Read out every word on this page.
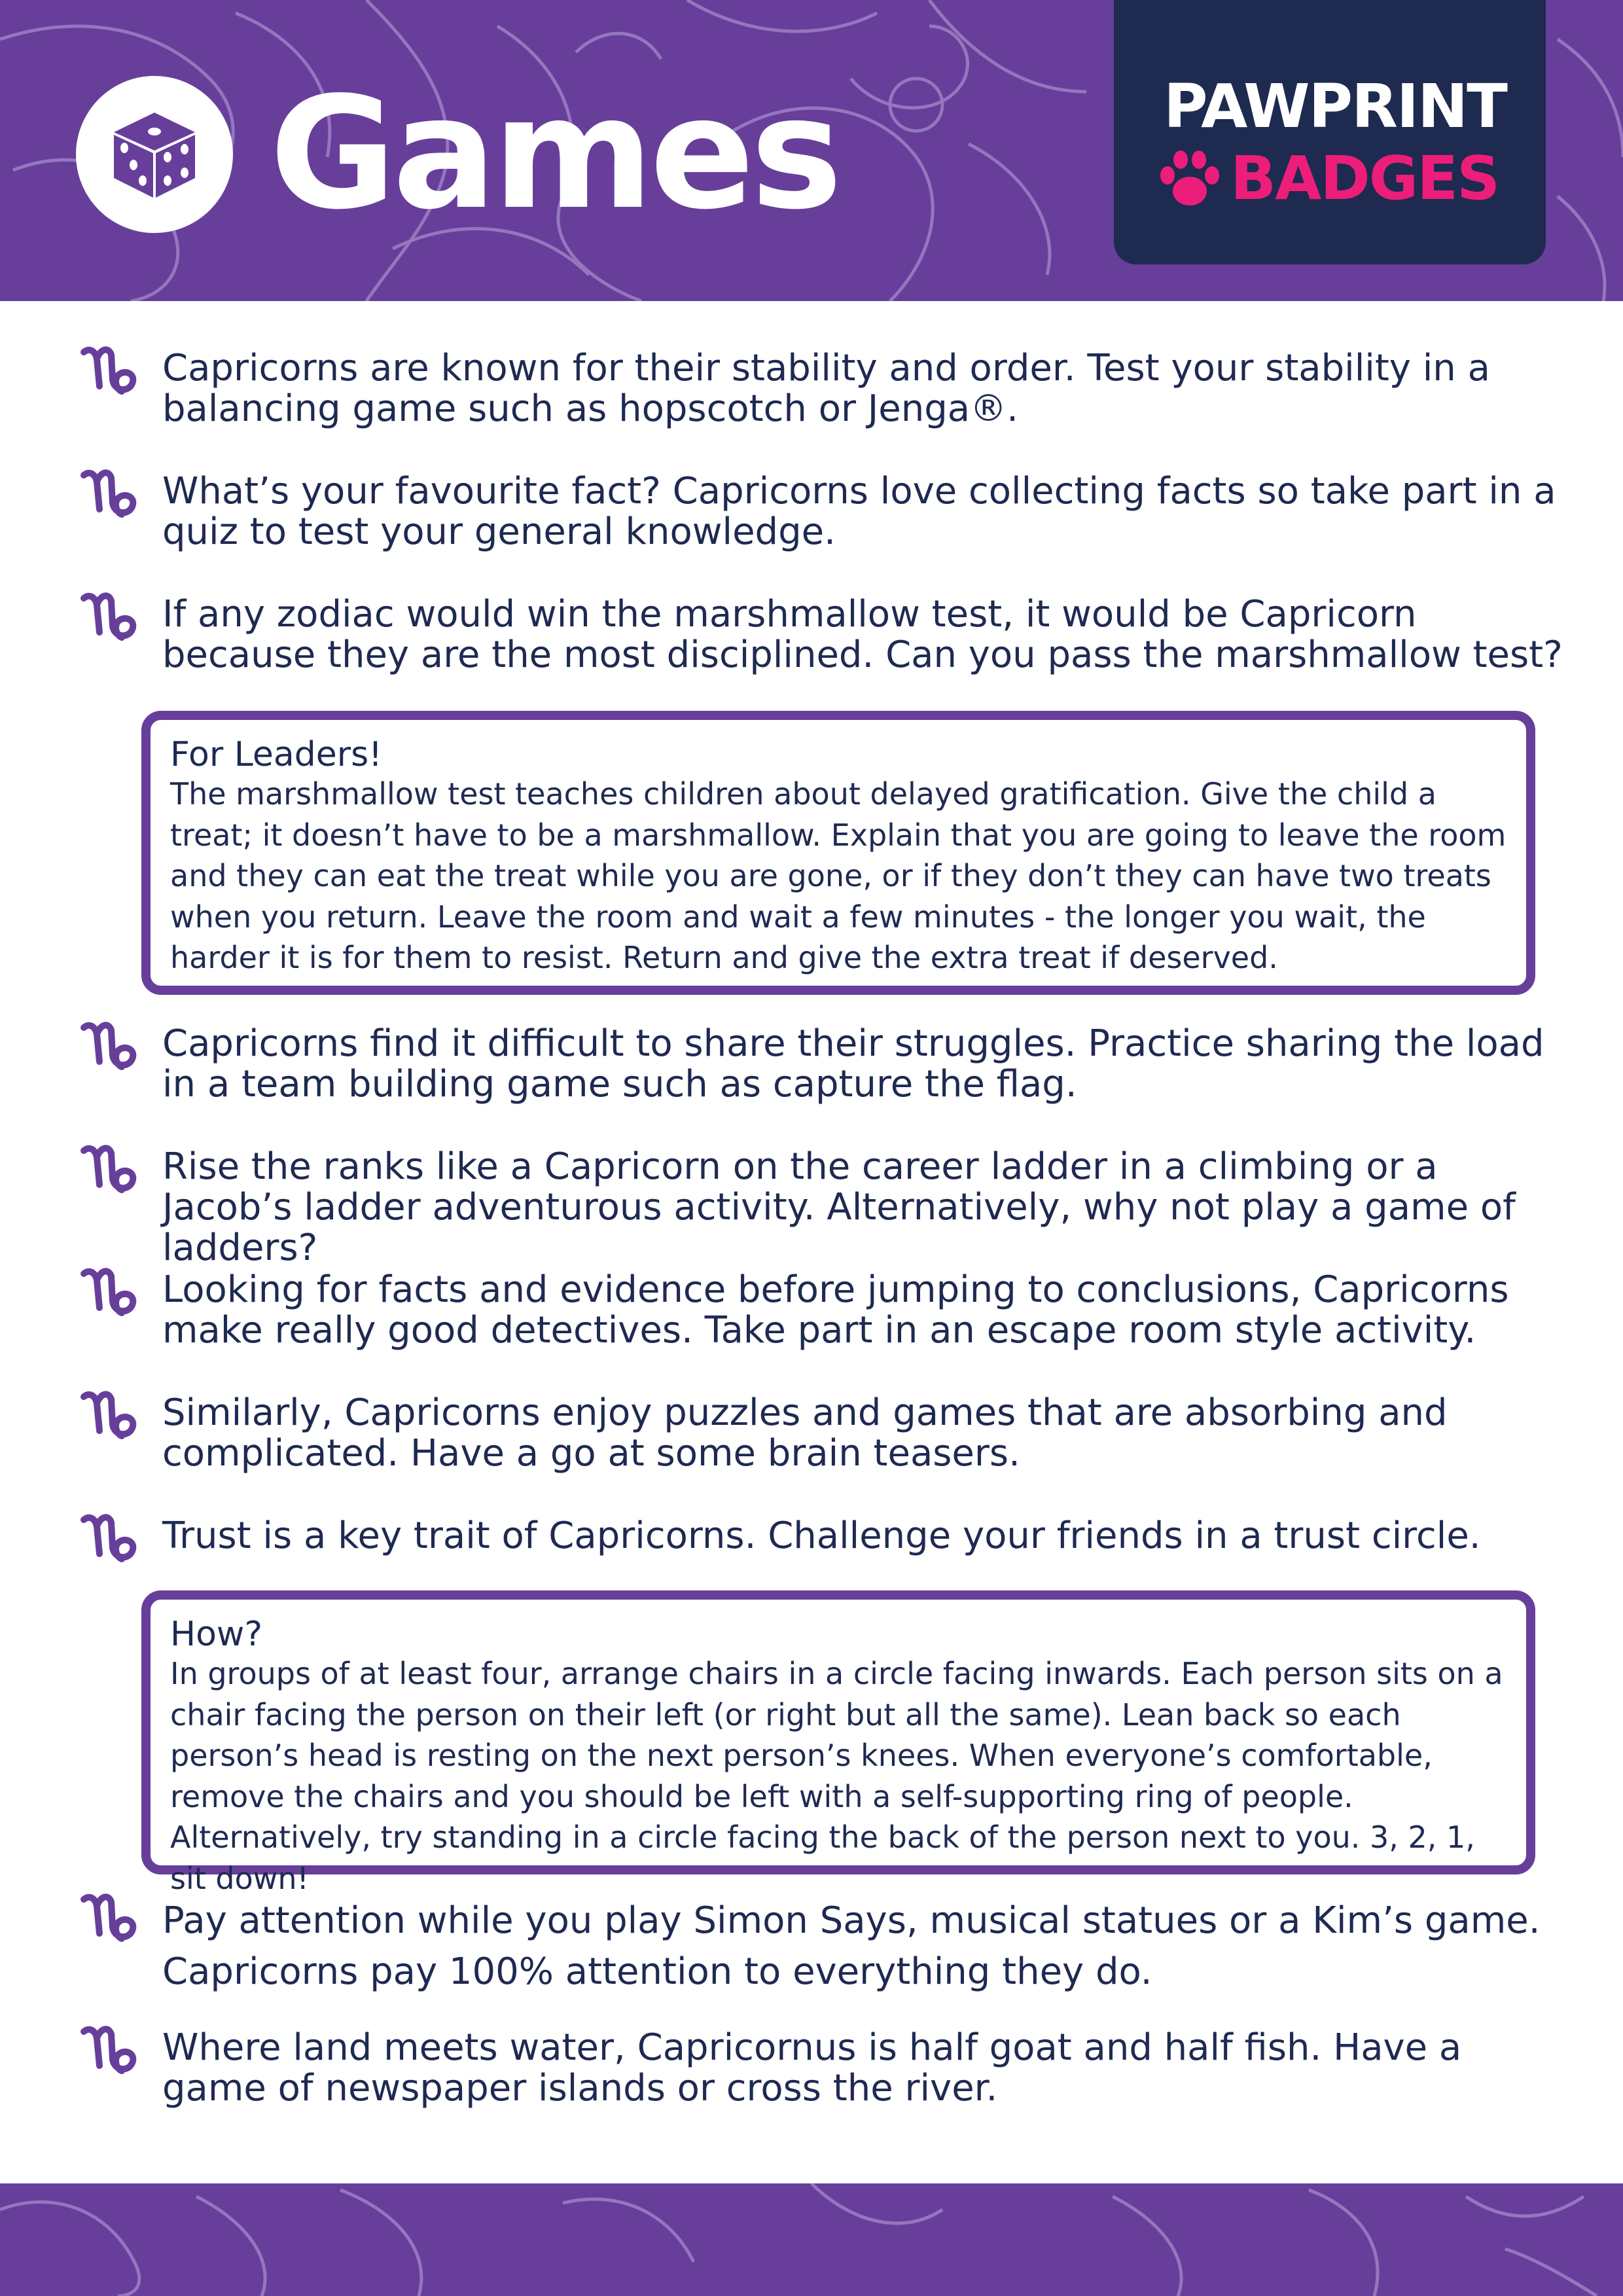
Games	PAWPRINT
BADGES
Capricorns are known for their stability and order. Test your stability in a balancing game such as hopscotch or Jenga®.
What’s your favourite fact? Capricorns love collecting facts so take part in a quiz to test your general knowledge.
If any zodiac would win the marshmallow test, it would be Capricorn because they are the most disciplined. Can you pass the marshmallow test?
For Leaders!
The marshmallow test teaches children about delayed gratification. Give the child a treat; it doesn’t have to be a marshmallow. Explain that you are going to leave the room and they can eat the treat while you are gone, or if they don’t they can have two treats when you return. Leave the room and wait a few minutes - the longer you wait, the harder it is for them to resist. Return and give the extra treat if deserved.
Capricorns find it difficult to share their struggles. Practice sharing the load in a team building game such as capture the flag.
Rise the ranks like a Capricorn on the career ladder in a climbing or a Jacob’s ladder adventurous activity. Alternatively, why not play a game of ladders?
Looking for facts and evidence before jumping to conclusions, Capricorns make really good detectives. Take part in an escape room style activity.
Similarly, Capricorns enjoy puzzles and games that are absorbing and complicated. Have a go at some brain teasers.
Trust is a key trait of Capricorns. Challenge your friends in a trust circle.
How?
In groups of at least four, arrange chairs in a circle facing inwards. Each person sits on a chair facing the person on their left (or right but all the same). Lean back so each person’s head is resting on the next person’s knees. When everyone’s comfortable, remove the chairs and you should be left with a self-supporting ring of people. Alternatively, try standing in a circle facing the back of the person next to you. 3, 2, 1, sit down!
Pay attention while you play Simon Says, musical statues or a Kim’s game. Capricorns pay 100% attention to everything they do.
Where land meets water, Capricornus is half goat and half fish. Have a game of newspaper islands or cross the river.
